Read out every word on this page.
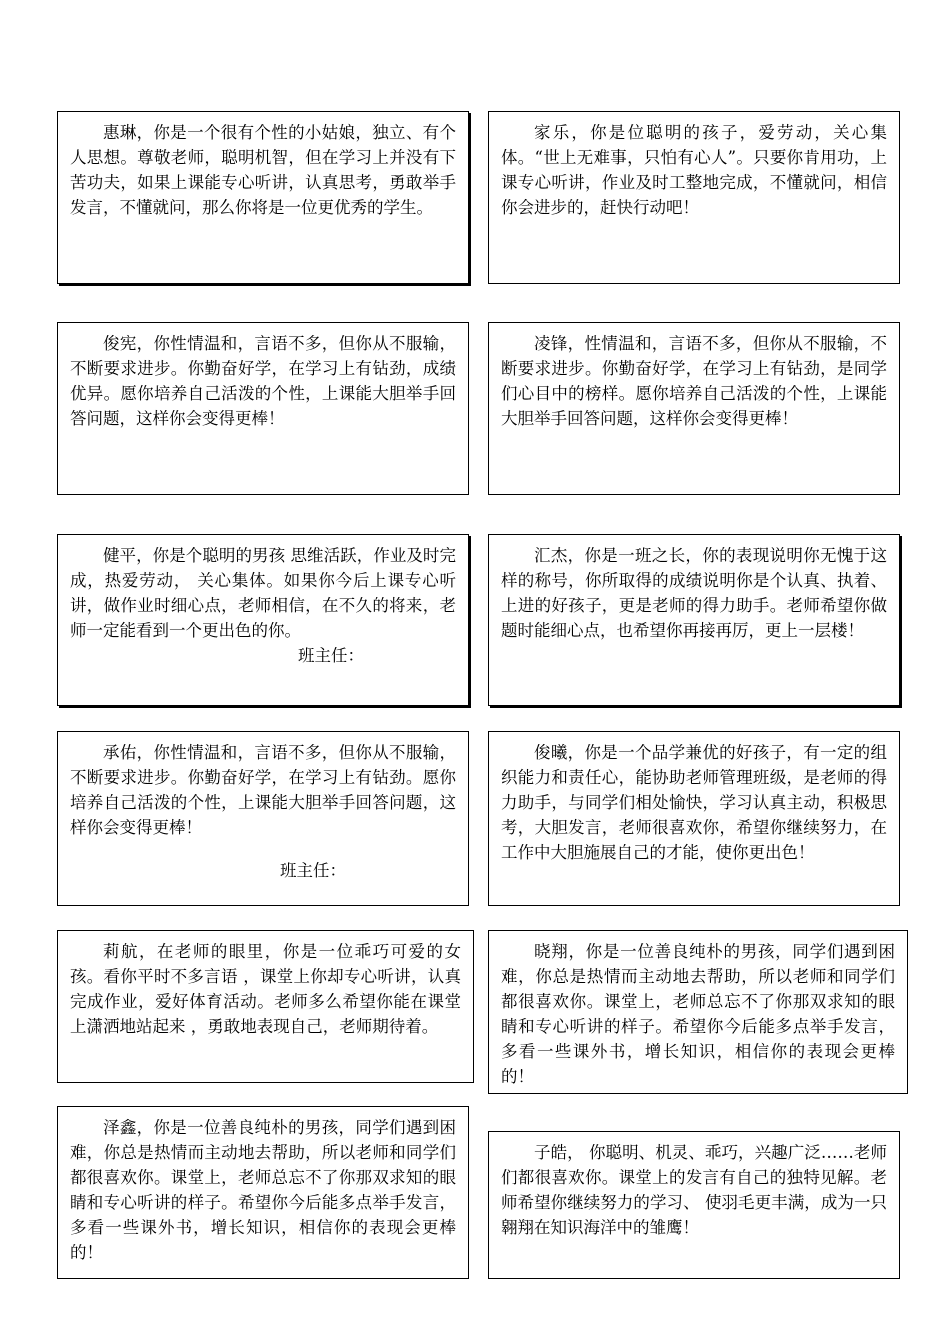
惠琳，你是一个很有个性的小姑娘，独立、有个人思想。尊敬老师，聪明机智，但在学习上并没有下苦功夫，如果上课能专心听讲，认真思考，勇敢举手发言，不懂就问，那么你将是一位更优秀的学生。

家乐，你是位聪明的孩子，爱劳动，关心集体。“世上无难事，只怕有心人”。只要你肯用功，上课专心听讲，作业及时工整地完成，不懂就问，相信你会进步的，赶快行动吧！

俊宪，你性情温和，言语不多，但你从不服输，不断要求进步。你勤奋好学，在学习上有钻劲，成绩优异。愿你培养自己活泼的个性，上课能大胆举手回答问题，这样你会变得更棒！

凌锋，性情温和，言语不多，但你从不服输，不断要求进步。你勤奋好学，在学习上有钻劲，是同学们心目中的榜样。愿你培养自己活泼的个性，上课能大胆举手回答问题，这样你会变得更棒！

健平，你是个聪明的男孩 思维活跃，作业及时完成，热爱劳动， 关心集体。如果你今后上课专心听讲，做作业时细心点，老师相信，在不久的将来，老师一定能看到一个更出色的你。

班主任：

汇杰，你是一班之长，你的表现说明你无愧于这样的称号，你所取得的成绩说明你是个认真、执着、上进的好孩子，更是老师的得力助手。老师希望你做题时能细心点，也希望你再接再厉，更上一层楼！

承佑，你性情温和，言语不多，但你从不服输，不断要求进步。你勤奋好学，在学习上有钻劲。愿你培养自己活泼的个性，上课能大胆举手回答问题，这样你会变得更棒！

班主任：

俊曦，你是一个品学兼优的好孩子，有一定的组织能力和责任心，能协助老师管理班级，是老师的得力助手，与同学们相处愉快，学习认真主动，积极思考，大胆发言，老师很喜欢你，希望你继续努力，在工作中大胆施展自己的才能，使你更出色！

莉航，在老师的眼里，你是一位乖巧可爱的女孩。看你平时不多言语 ，课堂上你却专心听讲，认真完成作业，爱好体育活动。老师多么希望你能在课堂上潇洒地站起来 ，勇敢地表现自己，老师期待着。

晓翔，你是一位善良纯朴的男孩，同学们遇到困难，你总是热情而主动地去帮助，所以老师和同学们都很喜欢你。课堂上，老师总忘不了你那双求知的眼睛和专心听讲的样子。希望你今后能多点举手发言，多看一些课外书，增长知识，相信你的表现会更棒的！

泽鑫，你是一位善良纯朴的男孩，同学们遇到困难，你总是热情而主动地去帮助，所以老师和同学们都很喜欢你。课堂上，老师总忘不了你那双求知的眼睛和专心听讲的样子。希望你今后能多点举手发言，多看一些课外书，增长知识，相信你的表现会更棒的！

子皓， 你聪明、机灵、乖巧，兴趣广泛……老师们都很喜欢你。课堂上的发言有自己的独特见解。老师希望你继续努力的学习、 使羽毛更丰满，成为一只翱翔在知识海洋中的雏鹰！
